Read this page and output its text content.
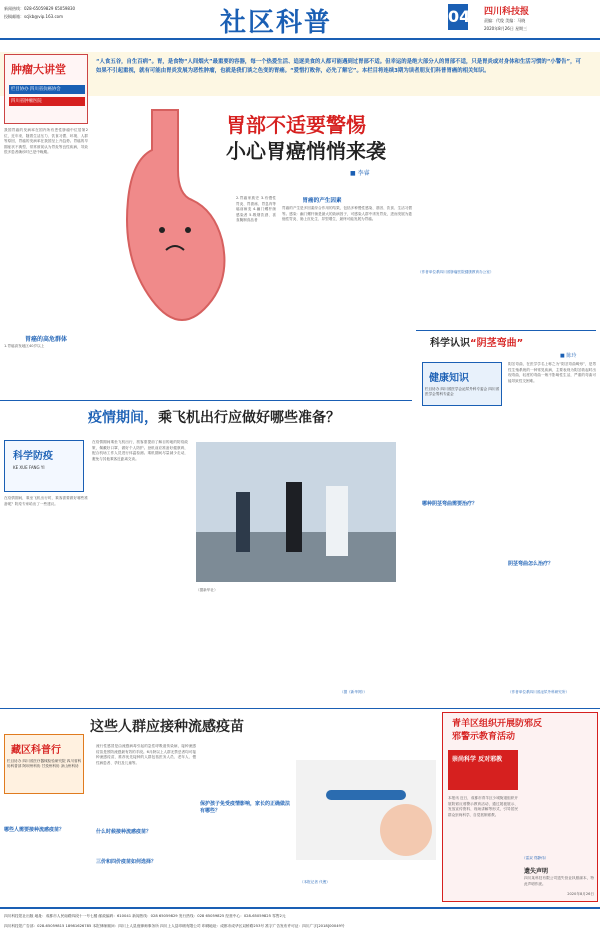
新闻热线：028-65059829 65059830
投稿邮箱：scjkb@vip.163.com	社区科普	04 四川科技报
责编：代俊 美编：马晓
2020年8月26日 星期三
“人食五谷，自生百病”。胃，是食物“人间烟火”最重要的容器，每一个热爱生活、追逐美食的人都可能遇到过胃部不适。但幸运的是绝大部分人的胃部不适，只是胃炎或对身体和生活习惯的“小警告”，可如果不引起重视，就有可能由胃炎发展为恶性肿瘤，也就是我们谈之色变的胃癌。“爱惜打败你，必先了解它”。本栏目将连续3期为读者朋友们科普胃癌的相关知识。
肿瘤大讲堂
栏目协办 四川省抗癌协会
四川省肿瘤医院
我国胃癌的发病率在国内所有恶性肿瘤中位居第2位，近年来，随着生活压力、饮食习惯、环境、人群等原因，胃癌的发病率在我国呈上升趋势。胃癌的早期症状不典型，常常被误认为胃炎等良性疾病，导致很多患者确诊时已是中晚期。
胃癌的高危群体
1.胃癌高发地区40岁以上
胃部不适要警惕
小心胃癌悄悄来袭
■ 李睿
2.胃癌家族史 3.有慢性胃炎、胃溃疡、胃息肉等癌前病变 4.幽门螺杆菌感染者 5.吸烟饮酒、喜食腌制食品者
胃癌的产生因素
胃癌的产生是多因素综合作用的结果，包括多种慢性感染、基因、饮食、生活习惯等。感染：幽门螺杆菌是最大的致病因子，可感染人群中诱发胃炎，进而发展为萎缩性胃炎、肠上皮化生、异型增生，最终可能发展为胃癌。
（作者单位系四川省肿瘤医院健康教育办公室）
科学认识“阴茎弯曲”
■ 陈玲
健康知识
栏目协办 四川省医学会泌尿外科专委会 四川省医学会男科专委会
阴茎弯曲，在医学学名上称之为“阴茎弯曲畸形”，是男性生殖系统的一种常见疾病，主要表现为阴茎勃起时出现弯曲，轻度的弯曲一般不影响性生活，严重的弯曲可能导致性交困难。
哪种阴茎弯曲需要治疗？
阴茎弯曲怎么治疗？
（作者单位系四川省泌尿外科研究所）
科学防疫
KE XUE FANG YI
疫情期间，乘飞机出行应做好哪些准备？
在疫情期间，乘坐飞机出行时，乘客需要做好哪些准备呢？防疫专家给出了一些建议。
在疫情期间乘坐飞机出行，旅客需提前了解目的地的防疫政策，佩戴好口罩，做好个人防护。登机前应准备好健康码，配合机场工作人员进行体温检测。乘机期间尽量减少走动，避免与其他乘客近距离交谈。
（据新华社）
（据《新华网》）
这些人群应接种流感疫苗
藏区科普行
栏目协办 四川省医疗器械检验研究院 四川省科协科普部 阿坝州科协 甘孜州科协 凉山州科协
哪些人需要接种流感疫苗？	什么时候接种流感疫苗？
三价和四价疫苗如何选择？
保护孩子免受疫情影响，家长的正确做法有哪些？
流行性感冒是由流感病毒引起的急性呼吸道传染病，接种流感疫苗是预防流感最有效的手段。6月龄以上人群无禁忌者均可接种流感疫苗，推荐优先接种的人群包括医务人员、老年人、慢性病患者、孕妇及儿童等。
（本报记者 代俊）
青羊区组织开展防邪反
邪警示教育活动
崇尚科学 反对邪教
本报讯 近日，成都市青羊区少城街道组织开展防邪反邪警示教育活动，通过展板展示、发放宣传资料、现场讲解等形式，引导居民群众崇尚科学，自觉抵制邪教。
（雷双 郑静伟）
遗失声明
四川某科技有限公司遗失营业执照副本，特此声明作废。
2020年8月26日
四川科技报社出版 地址：成都市人民南路四段十一号七楼 邮政编码：610041 新闻热线：028 65059829 发行热线：028 65059825 经营中心：028-65059825 零售2元
四川科技报广告部：028-65059815 18981626785 本报律师顾问：四川上人县庭律师事务所 四川上人县印刷有限公司 印刷地址：成都市成华区双桥路253号 准字广告发布许可证：四川广字[2018]00049号
